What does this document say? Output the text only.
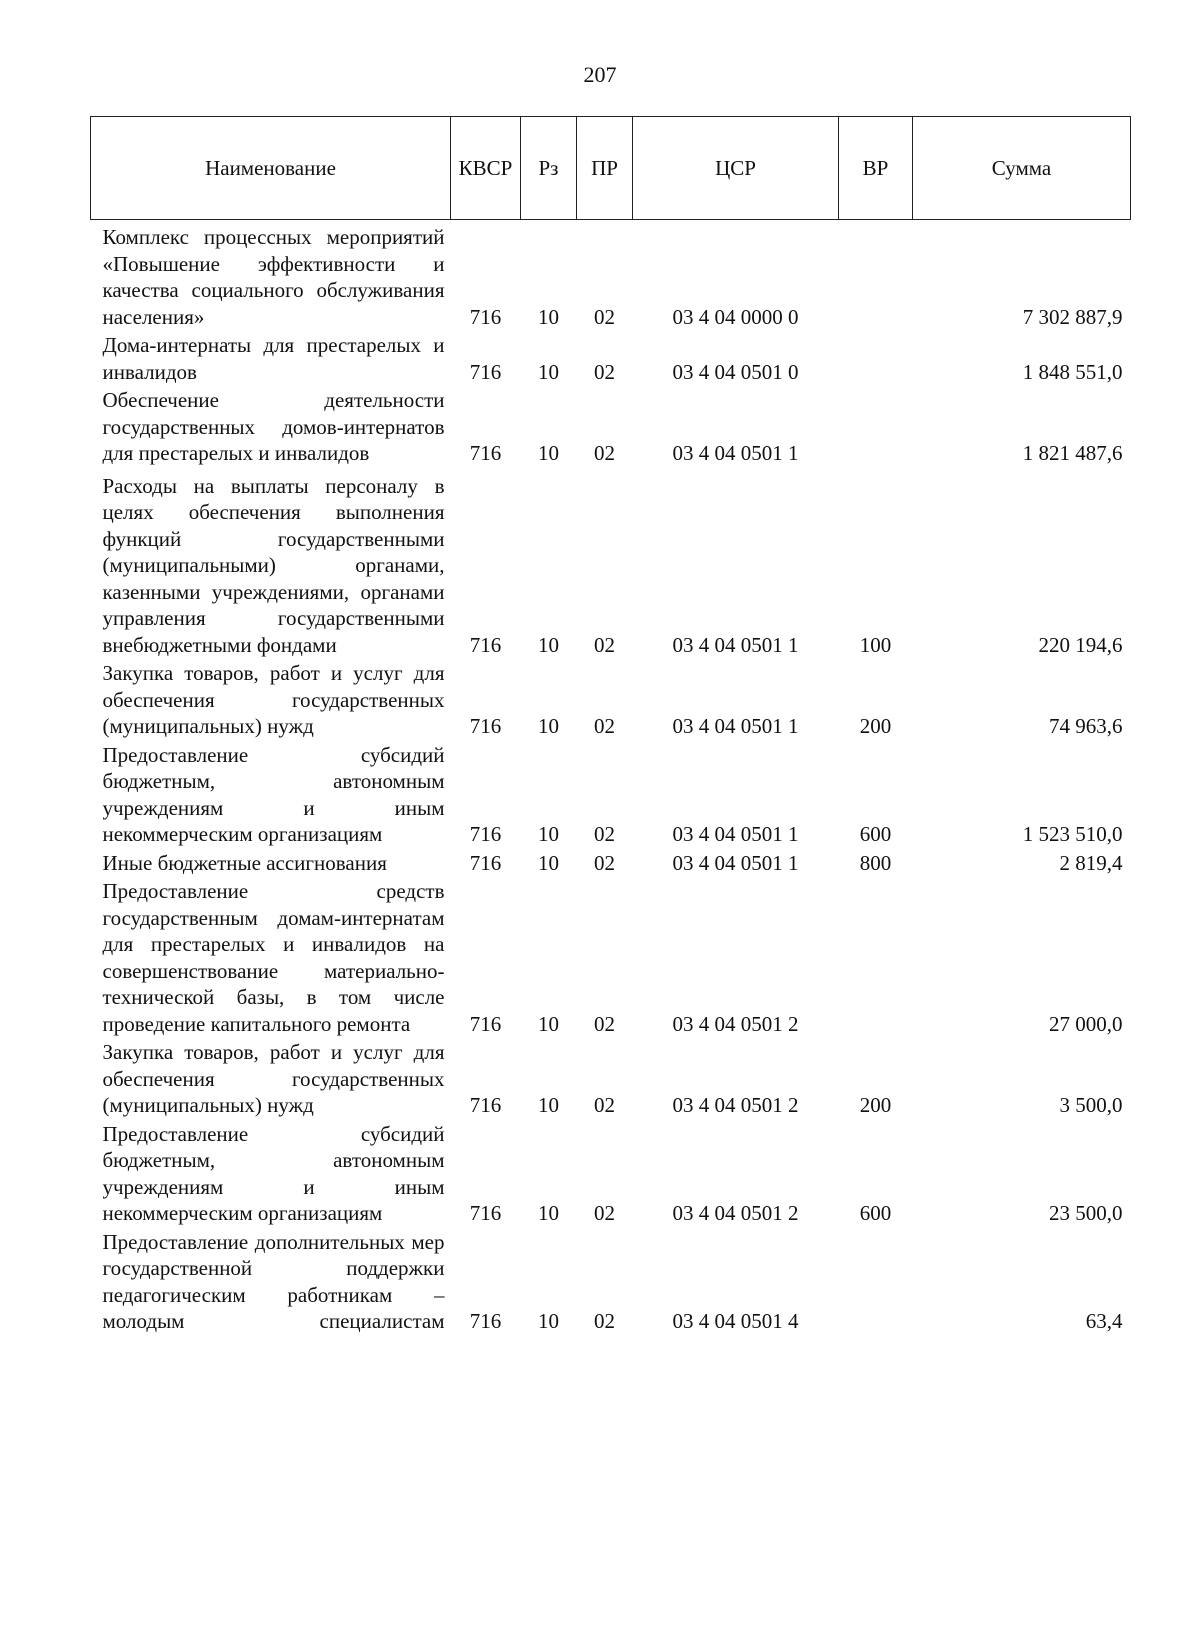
207
Наименование	КВСР	Рз	ПР	ЦСР	ВР	Сумма
Комплекс процессных мероприятий «Повышение эффективности и качества социального обслуживания населения»	716	10	02	03 4 04 0000 0		7 302 887,9
Дома-интернаты для престарелых и инвалидов	716	10	02	03 4 04 0501 0		1 848 551,0
Обеспечение деятельности государственных домов-интернатов для престарелых и инвалидов	716	10	02	03 4 04 0501 1		1 821 487,6
Расходы на выплаты персоналу в целях обеспечения выполнения функций государственными (муниципальными) органами, казенными учреждениями, органами управления государственными внебюджетными фондами	716	10	02	03 4 04 0501 1	100	220 194,6
Закупка товаров, работ и услуг для обеспечения государственных (муниципальных) нужд	716	10	02	03 4 04 0501 1	200	74 963,6
Предоставление субсидий бюджетным, автономным учреждениям и иным некоммерческим организациям	716	10	02	03 4 04 0501 1	600	1 523 510,0
Иные бюджетные ассигнования	716	10	02	03 4 04 0501 1	800	2 819,4
Предоставление средств государственным домам-интернатам для престарелых и инвалидов на совершенствование материально-технической базы, в том числе проведение капитального ремонта	716	10	02	03 4 04 0501 2		27 000,0
Закупка товаров, работ и услуг для обеспечения государственных (муниципальных) нужд	716	10	02	03 4 04 0501 2	200	3 500,0
Предоставление субсидий бюджетным, автономным учреждениям и иным некоммерческим организациям	716	10	02	03 4 04 0501 2	600	23 500,0
Предоставление дополнительных мер государственной поддержки педагогическим работникам – молодым специалистам	716	10	02	03 4 04 0501 4		63,4
